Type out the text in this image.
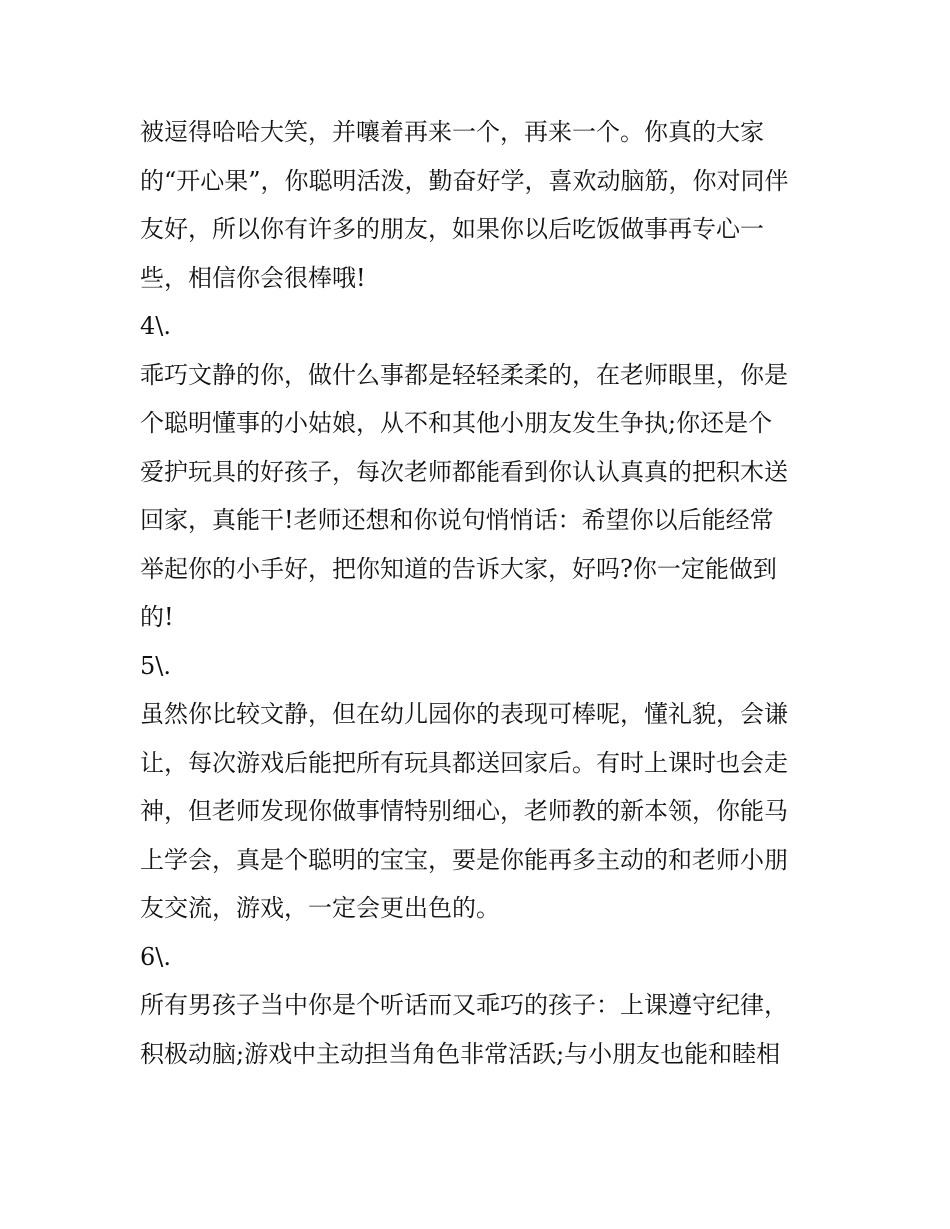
被逗得哈哈大笑，并嚷着再来一个，再来一个。你真的大家
的“开心果”，你聪明活泼，勤奋好学，喜欢动脑筋，你对同伴
友好，所以你有许多的朋友，如果你以后吃饭做事再专心一
些，相信你会很棒哦!
4\.
乖巧文静的你，做什么事都是轻轻柔柔的，在老师眼里，你是
个聪明懂事的小姑娘，从不和其他小朋友发生争执;你还是个
爱护玩具的好孩子，每次老师都能看到你认认真真的把积木送
回家，真能干!老师还想和你说句悄悄话：希望你以后能经常
举起你的小手好，把你知道的告诉大家，好吗?你一定能做到
的!
5\.
虽然你比较文静，但在幼儿园你的表现可棒呢，懂礼貌，会谦
让，每次游戏后能把所有玩具都送回家后。有时上课时也会走
神，但老师发现你做事情特别细心，老师教的新本领，你能马
上学会，真是个聪明的宝宝，要是你能再多主动的和老师小朋
友交流，游戏，一定会更出色的。
6\.
所有男孩子当中你是个听话而又乖巧的孩子：上课遵守纪律，
积极动脑;游戏中主动担当角色非常活跃;与小朋友也能和睦相
